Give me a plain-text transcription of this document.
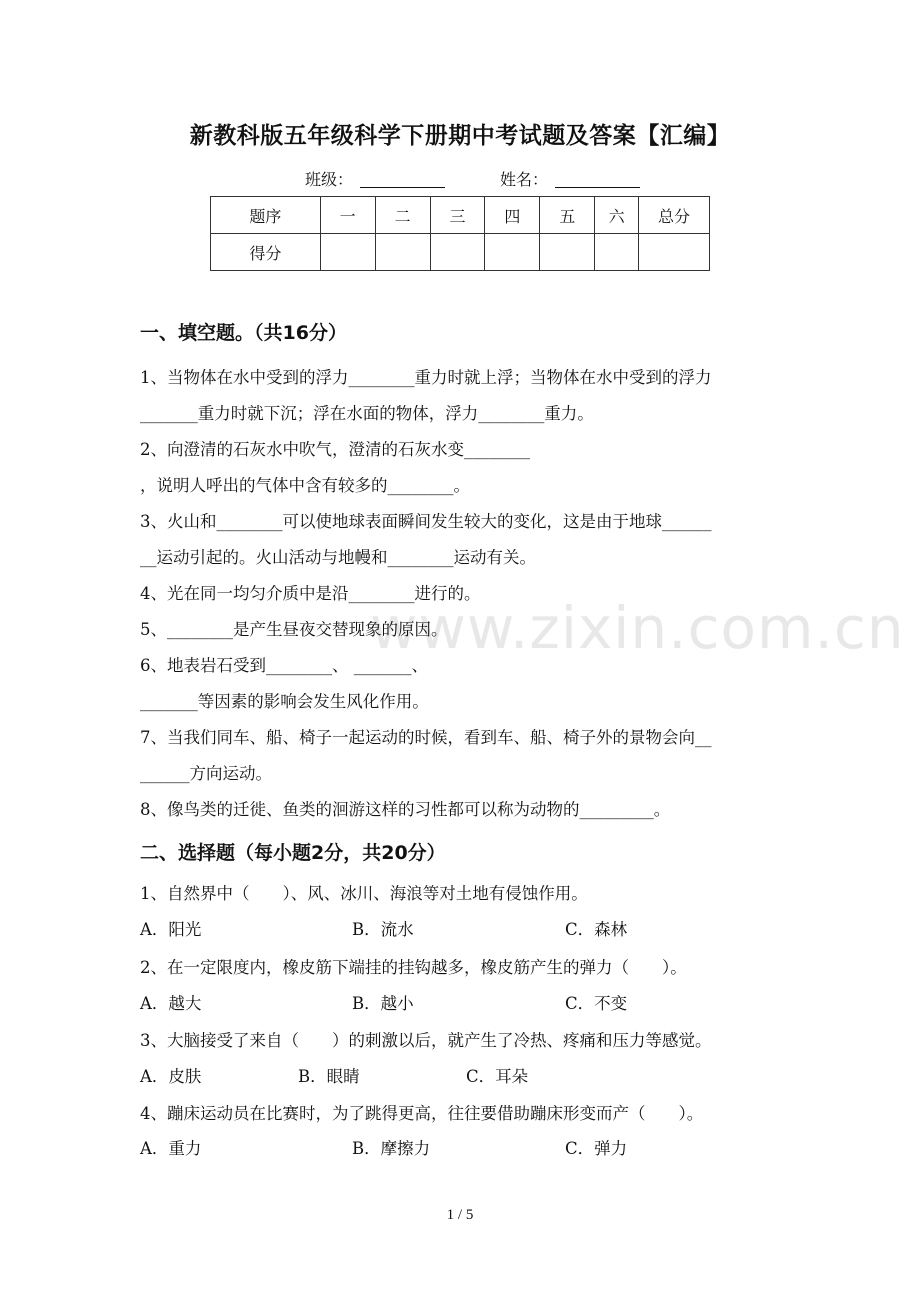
新教科版五年级科学下册期中考试题及答案【汇编】
班级：	姓名：
题序	一	二	三	四	五	六	总分
得分							
www.zixin.com.cn
一、填空题。（共16分）
1、当物体在水中受到的浮力________重力时就上浮；当物体在水中受到的浮力
_______重力时就下沉；浮在水面的物体，浮力________重力。
2、向澄清的石灰水中吹气，澄清的石灰水变________
，说明人呼出的气体中含有较多的________。
3、火山和________可以使地球表面瞬间发生较大的变化，这是由于地球______
__运动引起的。火山活动与地幔和________运动有关。
4、光在同一均匀介质中是沿________进行的。
5、________是产生昼夜交替现象的原因。
6、地表岩石受到________、 _______、
_______等因素的影响会发生风化作用。
7、当我们同车、船、椅子一起运动的时候，看到车、船、椅子外的景物会向__
______方向运动。
8、像鸟类的迁徙、鱼类的洄游这样的习性都可以称为动物的_________。
二、选择题（每小题2分，共20分）
1、自然界中（　　）、风、冰川、海浪等对土地有侵蚀作用。
A．阳光	B．流水	C．森林
2、在一定限度内，橡皮筋下端挂的挂钩越多，橡皮筋产生的弹力（　　）。
A．越大	B．越小	C．不变
3、大脑接受了来自（　　）的刺激以后，就产生了冷热、疼痛和压力等感觉。
A．皮肤	B．眼睛	C．耳朵
4、蹦床运动员在比赛时，为了跳得更高，往往要借助蹦床形变而产（　　）。
A．重力	B．摩擦力	C．弹力
1 / 5
